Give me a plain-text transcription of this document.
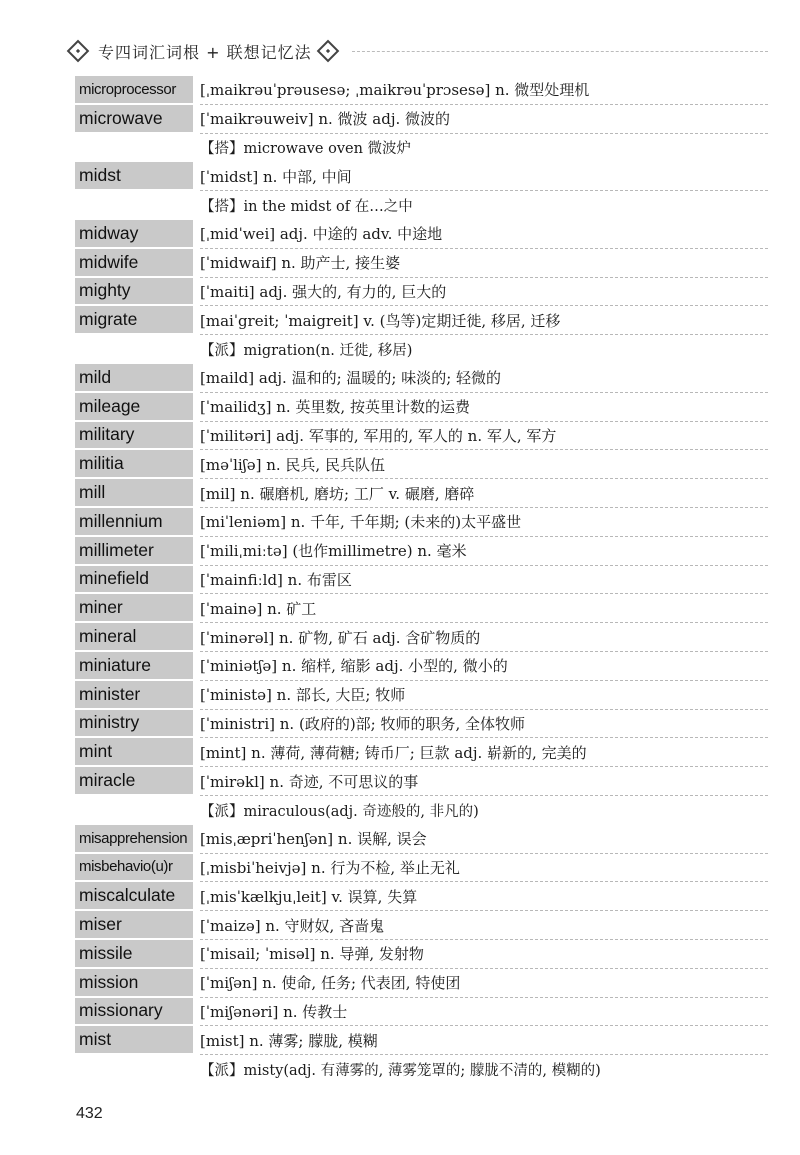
专四词汇词根 + 联想记忆法
microprocessor	[ˌmaikrəuˈprəusesə; ˌmaikrəuˈprɔsesə] n. 微型处理机
microwave	[ˈmaikrəuweiv] n. 微波 adj. 微波的
【搭】microwave oven 微波炉
midst	[ˈmidst] n. 中部, 中间
【搭】in the midst of 在…之中
midway	[ˌmidˈwei] adj. 中途的 adv. 中途地
midwife	[ˈmidwaif] n. 助产士, 接生婆
mighty	[ˈmaiti] adj. 强大的, 有力的, 巨大的
migrate	[maiˈgreit; ˈmaigreit] v. (鸟等)定期迁徙, 移居, 迁移
【派】migration(n. 迁徙, 移居)
mild	[maild] adj. 温和的; 温暖的; 味淡的; 轻微的
mileage	[ˈmailidʒ] n. 英里数, 按英里计数的运费
military	[ˈmilitəri] adj. 军事的, 军用的, 军人的 n. 军人, 军方
militia	[məˈliʃə] n. 民兵, 民兵队伍
mill	[mil] n. 碾磨机, 磨坊; 工厂 v. 碾磨, 磨碎
millennium	[miˈleniəm] n. 千年, 千年期; (未来的)太平盛世
millimeter	[ˈmiliˌmiːtə] (也作millimetre) n. 毫米
minefield	[ˈmainfiːld] n. 布雷区
miner	[ˈmainə] n. 矿工
mineral	[ˈminərəl] n. 矿物, 矿石 adj. 含矿物质的
miniature	[ˈminiətʃə] n. 缩样, 缩影 adj. 小型的, 微小的
minister	[ˈministə] n. 部长, 大臣; 牧师
ministry	[ˈministri] n. (政府的)部; 牧师的职务, 全体牧师
mint	[mint] n. 薄荷, 薄荷糖; 铸币厂; 巨款 adj. 崭新的, 完美的
miracle	[ˈmirəkl] n. 奇迹, 不可思议的事
【派】miraculous(adj. 奇迹般的, 非凡的)
misapprehension [misˌæpriˈhenʃən] n. 误解, 误会
misbehavio(u)r	[ˌmisbiˈheivjə] n. 行为不检, 举止无礼
miscalculate	[ˌmisˈkælkjuˌleit] v. 误算, 失算
miser	[ˈmaizə] n. 守财奴, 吝啬鬼
missile	[ˈmisail; ˈmisəl] n. 导弹, 发射物
mission	[ˈmiʃən] n. 使命, 任务; 代表团, 特使团
missionary	[ˈmiʃənəri] n. 传教士
mist	[mist] n. 薄雾; 朦胧, 模糊
【派】misty(adj. 有薄雾的, 薄雾笼罩的; 朦胧不清的, 模糊的)
432
